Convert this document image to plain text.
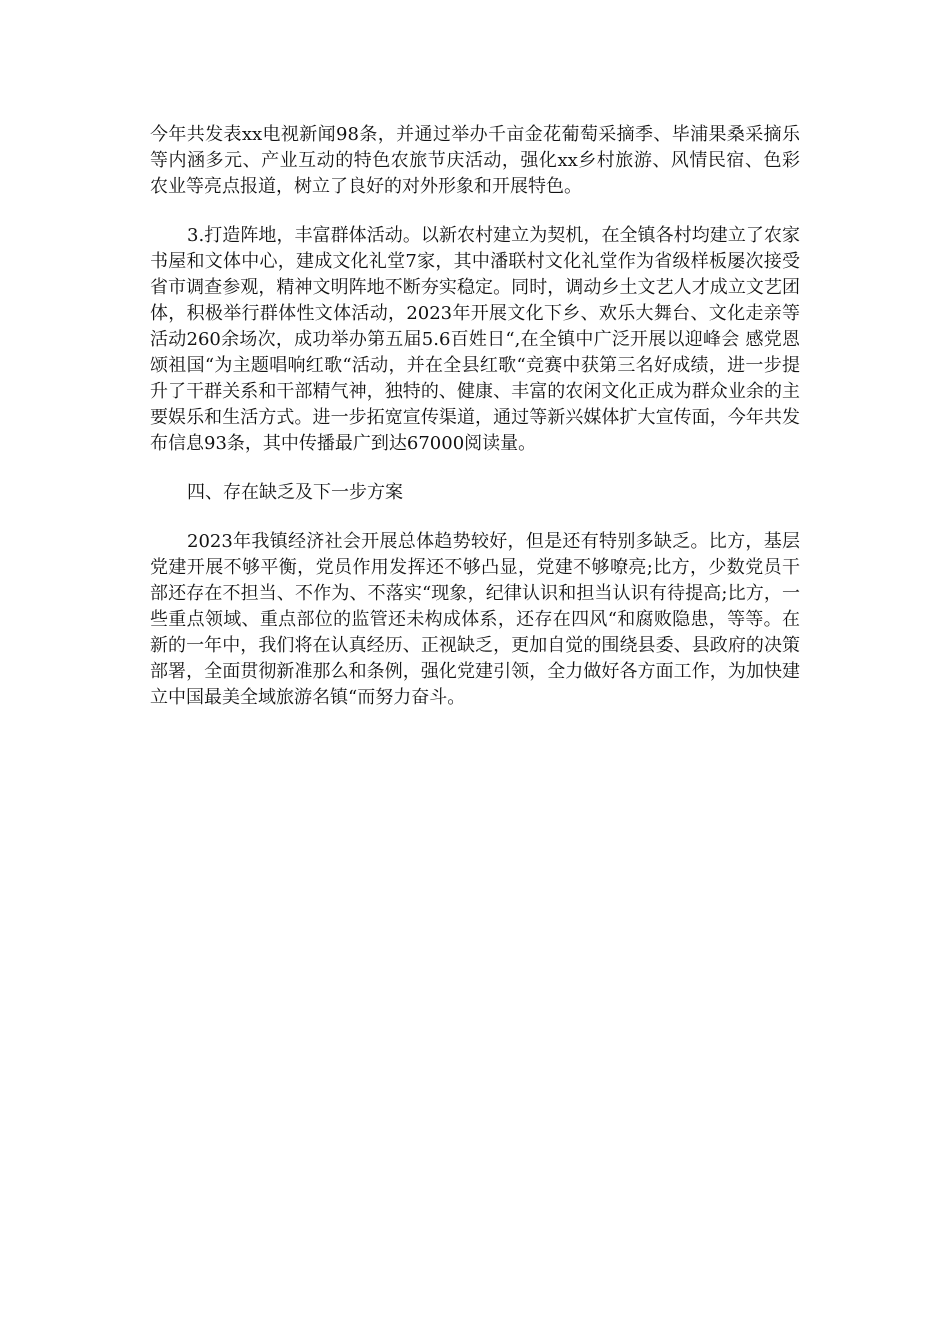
今年共发表xx电视新闻98条，并通过举办千亩金花葡萄采摘季、毕浦果桑采摘乐等内涵多元、产业互动的特色农旅节庆活动，强化xx乡村旅游、风情民宿、色彩农业等亮点报道，树立了良好的对外形象和开展特色。

3.打造阵地，丰富群体活动。以新农村建立为契机，在全镇各村均建立了农家书屋和文体中心，建成文化礼堂7家，其中潘联村文化礼堂作为省级样板屡次接受省市调查参观，精神文明阵地不断夯实稳定。同时，调动乡土文艺人才成立文艺团体，积极举行群体性文体活动，2023年开展文化下乡、欢乐大舞台、文化走亲等活动260余场次，成功举办第五届5.6百姓日“,在全镇中广泛开展以迎峰会 感党恩 颂祖国“为主题唱响红歌“活动，并在全县红歌“竞赛中获第三名好成绩，进一步提升了干群关系和干部精气神，独特的、健康、丰富的农闲文化正成为群众业余的主要娱乐和生活方式。进一步拓宽宣传渠道，通过等新兴媒体扩大宣传面，今年共发布信息93条，其中传播最广到达67000阅读量。

四、存在缺乏及下一步方案

2023年我镇经济社会开展总体趋势较好，但是还有特别多缺乏。比方，基层党建开展不够平衡，党员作用发挥还不够凸显，党建不够嘹亮;比方，少数党员干部还存在不担当、不作为、不落实“现象，纪律认识和担当认识有待提高;比方，一些重点领域、重点部位的监管还未构成体系，还存在四风“和腐败隐患，等等。在新的一年中，我们将在认真经历、正视缺乏，更加自觉的围绕县委、县政府的决策部署，全面贯彻新准那么和条例，强化党建引领，全力做好各方面工作，为加快建立中国最美全域旅游名镇“而努力奋斗。
